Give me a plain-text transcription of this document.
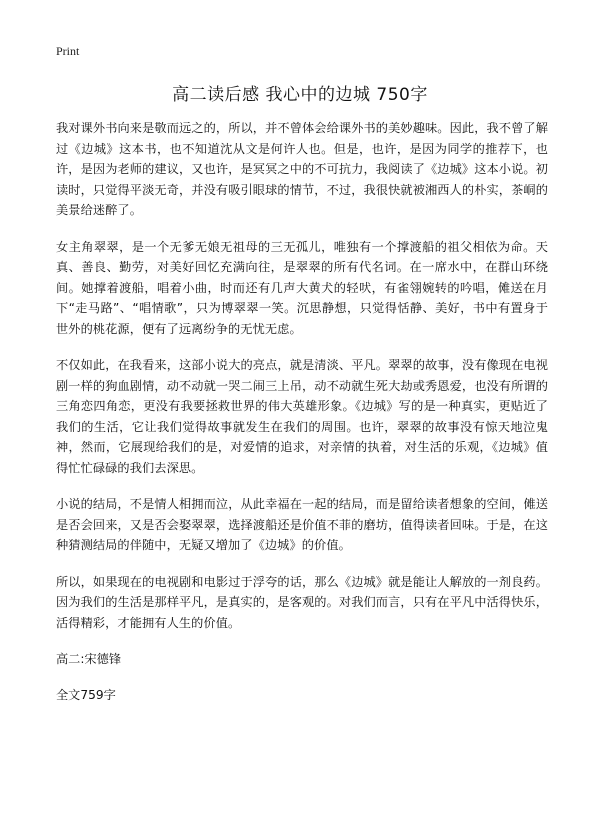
Print
高二读后感 我心中的边城 750字

我对课外书向来是敬而远之的，所以，并不曾体会给课外书的美妙趣味。因此，我不曾了解过《边城》这本书，也不知道沈从文是何许人也。但是，也许，是因为同学的推荐下，也许，是因为老师的建议，又也许，是冥冥之中的不可抗力，我阅读了《边城》这本小说。初读时，只觉得平淡无奇，并没有吸引眼球的情节，不过，我很快就被湘西人的朴实，茶峒的美景给迷醉了。

女主角翠翠，是一个无爹无娘无祖母的三无孤儿，唯独有一个撑渡船的祖父相依为命。天真、善良、勤劳，对美好回忆充满向往，是翠翠的所有代名词。在一席水中，在群山环绕间。她撑着渡船，唱着小曲，时而还有几声大黄犬的轻吠，有雀翎婉转的吟唱，傩送在月下“走马路”、“唱情歌”，只为博翠翠一笑。沉思静想，只觉得恬静、美好，书中有置身于世外的桃花源，便有了远离纷争的无忧无虑。

不仅如此，在我看来，这部小说大的亮点，就是清淡、平凡。翠翠的故事，没有像现在电视剧一样的狗血剧情，动不动就一哭二闹三上吊，动不动就生死大劫或秀恩爱，也没有所谓的三角恋四角恋，更没有我要拯救世界的伟大英雄形象。《边城》写的是一种真实，更贴近了我们的生活，它让我们觉得故事就发生在我们的周围。也许，翠翠的故事没有惊天地泣鬼神，然而，它展现给我们的是，对爱情的追求，对亲情的执着，对生活的乐观，《边城》值得忙忙碌碌的我们去深思。

小说的结局，不是情人相拥而泣，从此幸福在一起的结局，而是留给读者想象的空间，傩送是否会回来，又是否会娶翠翠，选择渡船还是价值不菲的磨坊，值得读者回味。于是，在这种猜测结局的伴随中，无疑又增加了《边城》的价值。

所以，如果现在的电视剧和电影过于浮夸的话，那么《边城》就是能让人解放的一剂良药。因为我们的生活是那样平凡，是真实的，是客观的。对我们而言，只有在平凡中活得快乐，活得精彩，才能拥有人生的价值。

高二:宋德锋

全文759字
